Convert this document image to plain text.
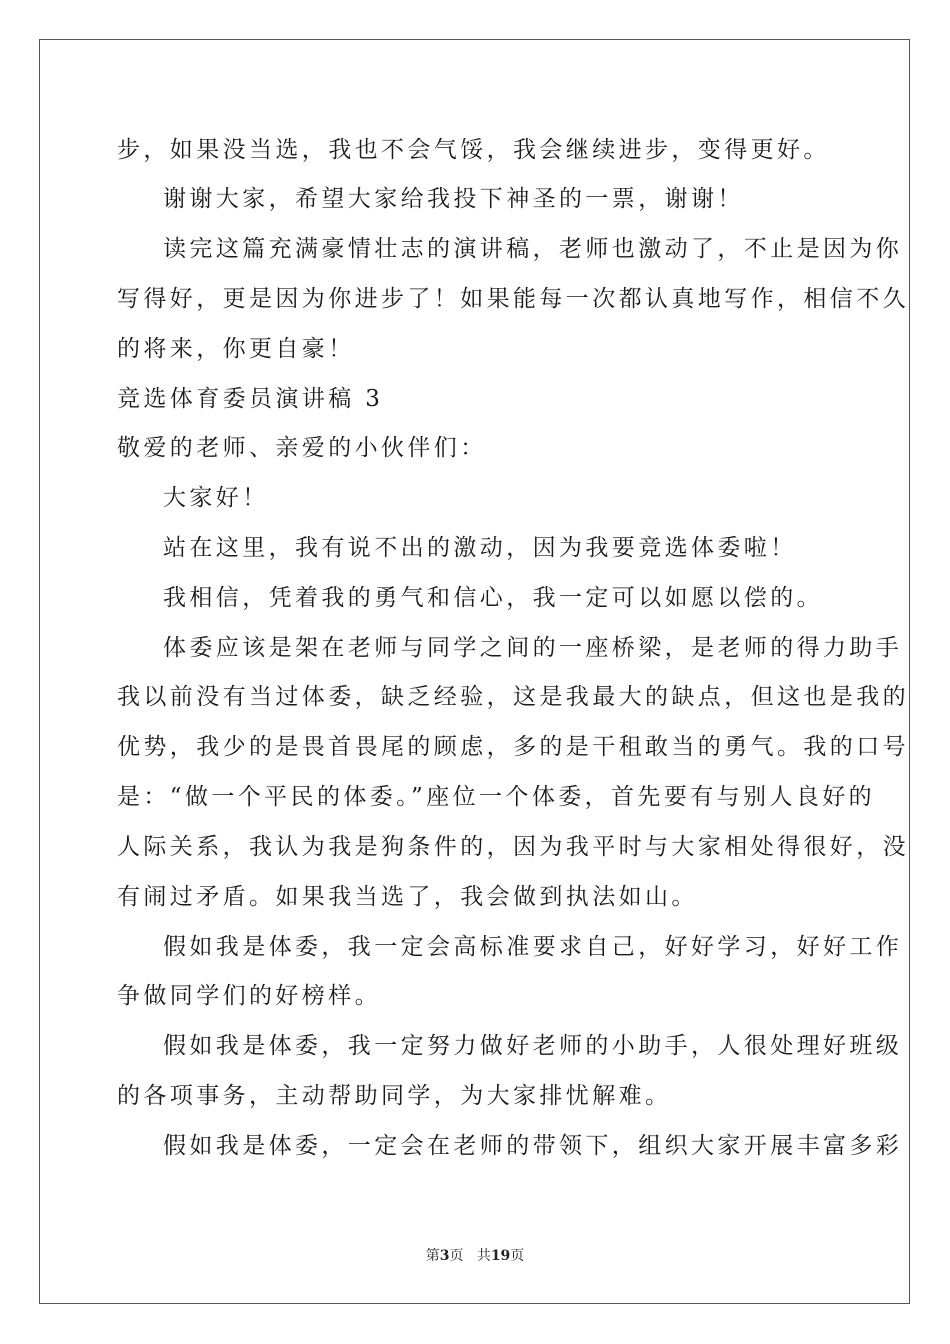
步，如果没当选，我也不会气馁，我会继续进步，变得更好。
谢谢大家，希望大家给我投下神圣的一票，谢谢！
读完这篇充满豪情壮志的演讲稿，老师也激动了，不止是因为你
写得好，更是因为你进步了！如果能每一次都认真地写作，相信不久
的将来，你更自豪！
竞选体育委员演讲稿 3
敬爱的老师、亲爱的小伙伴们：
大家好！
站在这里，我有说不出的激动，因为我要竞选体委啦！
我相信，凭着我的勇气和信心，我一定可以如愿以偿的。
体委应该是架在老师与同学之间的一座桥梁，是老师的得力助手
我以前没有当过体委，缺乏经验，这是我最大的缺点，但这也是我的
优势，我少的是畏首畏尾的顾虑，多的是干租敢当的勇气。我的口号
是：“做一个平民的体委。”座位一个体委，首先要有与别人良好的
人际关系，我认为我是狗条件的，因为我平时与大家相处得很好，没
有闹过矛盾。如果我当选了，我会做到执法如山。
假如我是体委，我一定会高标准要求自己，好好学习，好好工作
争做同学们的好榜样。
假如我是体委，我一定努力做好老师的小助手，人很处理好班级
的各项事务，主动帮助同学，为大家排忧解难。
假如我是体委，一定会在老师的带领下，组织大家开展丰富多彩
第3页 共19页
